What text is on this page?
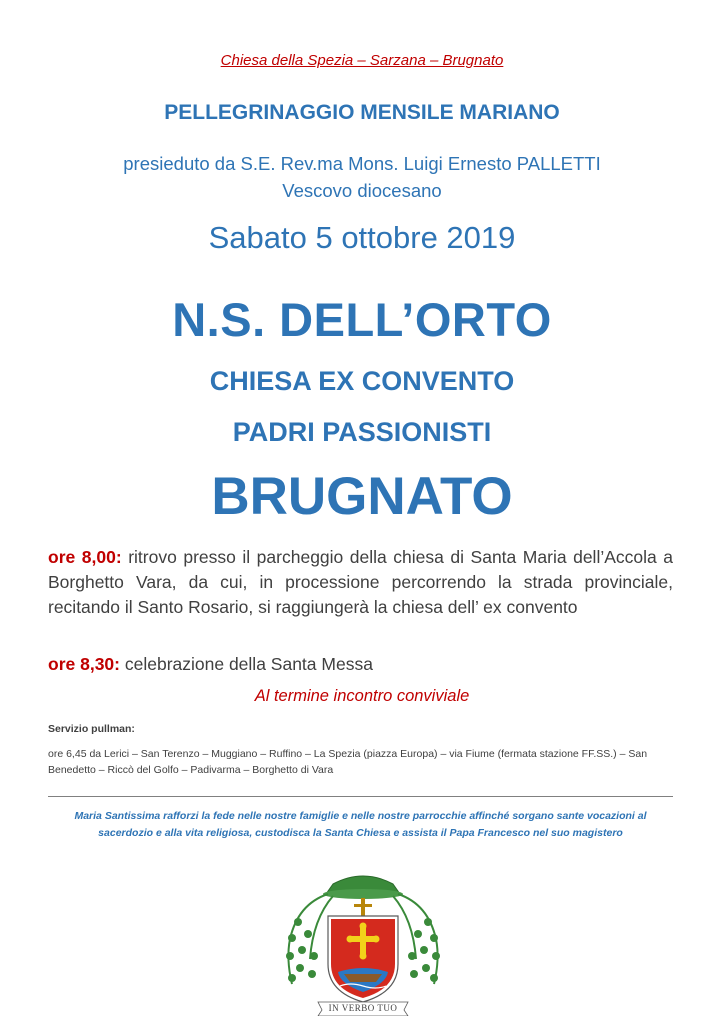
Chiesa della Spezia – Sarzana – Brugnato
PELLEGRINAGGIO MENSILE MARIANO
presieduto da S.E. Rev.ma Mons. Luigi Ernesto PALLETTI
Vescovo diocesano
Sabato 5 ottobre 2019
N.S. DELL’ORTO
CHIESA EX CONVENTO
PADRI PASSIONISTI
BRUGNATO
ore 8,00: ritrovo presso il parcheggio della chiesa di Santa Maria dell’Accola a Borghetto Vara, da cui, in processione percorrendo la strada provinciale, recitando il Santo Rosario, si raggiungerà la chiesa dell’ ex convento
ore 8,30: celebrazione della Santa Messa
Al termine incontro conviviale
Servizio pullman:
ore 6,45 da Lerici – San Terenzo – Muggiano – Ruffino – La Spezia (piazza Europa) – via Fiume (fermata stazione FF.SS.) – San Benedetto – Riccò del Golfo – Padivarma – Borghetto di Vara
Maria Santissima rafforzi la fede nelle nostre famiglie e nelle nostre parrocchie affinché sorgano sante vocazioni al sacerdozio e alla vita religiosa, custodisca la Santa Chiesa e assista il Papa Francesco nel suo magistero
IN VERBO TUO
